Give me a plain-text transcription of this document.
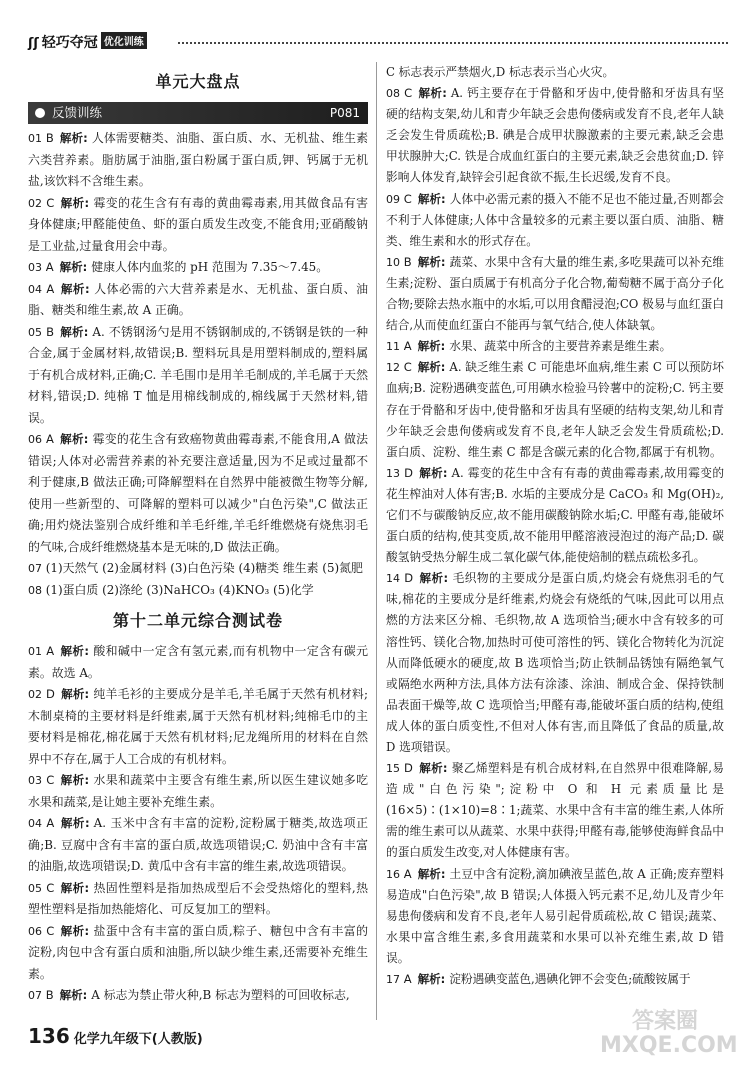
ʃʃ 轻巧夺冠 优化训练
单元大盘点
反馈训练	P081

01 B 解析: 人体需要糖类、油脂、蛋白质、水、无机盐、维生素六类营养素。脂肪属于油脂,蛋白粉属于蛋白质,钾、钙属于无机盐,该饮料不含维生素。

02 C 解析: 霉变的花生含有有毒的黄曲霉毒素,用其做食品有害身体健康;甲醛能使鱼、虾的蛋白质发生改变,不能食用;亚硝酸钠是工业盐,过量食用会中毒。

03 A 解析: 健康人体内血浆的 pH 范围为 7.35～7.45。

04 A 解析: 人体必需的六大营养素是水、无机盐、蛋白质、油脂、糖类和维生素,故 A 正确。

05 B 解析: A. 不锈钢汤勺是用不锈钢制成的,不锈钢是铁的一种合金,属于金属材料,故错误;B. 塑料玩具是用塑料制成的,塑料属于有机合成材料,正确;C. 羊毛围巾是用羊毛制成的,羊毛属于天然材料,错误;D. 纯棉 T 恤是用棉线制成的,棉线属于天然材料,错误。

06 A 解析: 霉变的花生含有致癌物黄曲霉毒素,不能食用,A 做法错误;人体对必需营养素的补充要注意适量,因为不足或过量都不利于健康,B 做法正确;可降解塑料在自然界中能被微生物等分解,使用一些新型的、可降解的塑料可以减少"白色污染",C 做法正确;用灼烧法鉴别合成纤维和羊毛纤维,羊毛纤维燃烧有烧焦羽毛的气味,合成纤维燃烧基本是无味的,D 做法正确。

07 (1)天然气 (2)金属材料 (3)白色污染 (4)糖类 维生素 (5)氮肥

08 (1)蛋白质 (2)涤纶 (3)NaHCO₃ (4)KNO₃ (5)化学

第十二单元综合测试卷

01 A 解析: 酸和碱中一定含有氢元素,而有机物中一定含有碳元素。故选 A。

02 D 解析: 纯羊毛衫的主要成分是羊毛,羊毛属于天然有机材料;木制桌椅的主要材料是纤维素,属于天然有机材料;纯棉毛巾的主要材料是棉花,棉花属于天然有机材料;尼龙绳所用的材料在自然界中不存在,属于人工合成的有机材料。

03 C 解析: 水果和蔬菜中主要含有维生素,所以医生建议她多吃水果和蔬菜,是让她主要补充维生素。

04 A 解析: A. 玉米中含有丰富的淀粉,淀粉属于糖类,故选项正确;B. 豆腐中含有丰富的蛋白质,故选项错误;C. 奶油中含有丰富的油脂,故选项错误;D. 黄瓜中含有丰富的维生素,故选项错误。

05 C 解析: 热固性塑料是指加热成型后不会受热熔化的塑料,热塑性塑料是指加热能熔化、可反复加工的塑料。

06 C 解析: 盐蛋中含有丰富的蛋白质,粽子、糖包中含有丰富的淀粉,肉包中含有蛋白质和油脂,所以缺少维生素,还需要补充维生素。

07 B 解析: A 标志为禁止带火种,B 标志为塑料的可回收标志,

C 标志表示严禁烟火,D 标志表示当心火灾。

08 C 解析: A. 钙主要存在于骨骼和牙齿中,使骨骼和牙齿具有坚硬的结构支架,幼儿和青少年缺乏会患佝偻病或发育不良,老年人缺乏会发生骨质疏松;B. 碘是合成甲状腺激素的主要元素,缺乏会患甲状腺肿大;C. 铁是合成血红蛋白的主要元素,缺乏会患贫血;D. 锌影响人体发育,缺锌会引起食欲不振,生长迟缓,发育不良。

09 C 解析: 人体中必需元素的摄入不能不足也不能过量,否则都会不利于人体健康;人体中含量较多的元素主要以蛋白质、油脂、糖类、维生素和水的形式存在。

10 B 解析: 蔬菜、水果中含有大量的维生素,多吃果蔬可以补充维生素;淀粉、蛋白质属于有机高分子化合物,葡萄糖不属于高分子化合物;要除去热水瓶中的水垢,可以用食醋浸泡;CO 极易与血红蛋白结合,从而使血红蛋白不能再与氧气结合,使人体缺氧。

11 A 解析: 水果、蔬菜中所含的主要营养素是维生素。

12 C 解析: A. 缺乏维生素 C 可能患坏血病,维生素 C 可以预防坏血病;B. 淀粉遇碘变蓝色,可用碘水检验马铃薯中的淀粉;C. 钙主要存在于骨骼和牙齿中,使骨骼和牙齿具有坚硬的结构支架,幼儿和青少年缺乏会患佝偻病或发育不良,老年人缺乏会发生骨质疏松;D. 蛋白质、淀粉、维生素 C 都是含碳元素的化合物,都属于有机物。

13 D 解析: A. 霉变的花生中含有有毒的黄曲霉毒素,故用霉变的花生榨油对人体有害;B. 水垢的主要成分是 CaCO₃ 和 Mg(OH)₂,它们不与碳酸钠反应,故不能用碳酸钠除水垢;C. 甲醛有毒,能破坏蛋白质的结构,使其变质,故不能用甲醛溶液浸泡过的海产品;D. 碳酸氢钠受热分解生成二氧化碳气体,能使焙制的糕点疏松多孔。

14 D 解析: 毛织物的主要成分是蛋白质,灼烧会有烧焦羽毛的气味,棉花的主要成分是纤维素,灼烧会有烧纸的气味,因此可以用点燃的方法来区分棉、毛织物,故 A 选项恰当;硬水中含有较多的可溶性钙、镁化合物,加热时可使可溶性的钙、镁化合物转化为沉淀从而降低硬水的硬度,故 B 选项恰当;防止铁制品锈蚀有隔绝氧气或隔绝水两种方法,具体方法有涂漆、涂油、制成合金、保持铁制品表面干燥等,故 C 选项恰当;甲醛有毒,能破坏蛋白质的结构,使组成人体的蛋白质变性,不但对人体有害,而且降低了食品的质量,故 D 选项错误。

15 D 解析: 聚乙烯塑料是有机合成材料,在自然界中很难降解,易造成"白色污染";淀粉中 O 和 H 元素质量比是(16×5)∶(1×10)=8∶1;蔬菜、水果中含有丰富的维生素,人体所需的维生素可以从蔬菜、水果中获得;甲醛有毒,能够使海鲜食品中的蛋白质发生改变,对人体健康有害。

16 A 解析: 土豆中含有淀粉,滴加碘液呈蓝色,故 A 正确;废弃塑料易造成"白色污染",故 B 错误;人体摄入钙元素不足,幼儿及青少年易患佝偻病和发育不良,老年人易引起骨质疏松,故 C 错误;蔬菜、水果中富含维生素,多食用蔬菜和水果可以补充维生素,故 D 错误。

17 A 解析: 淀粉遇碘变蓝色,遇碘化钾不会变色;硫酸铵属于

136 化学九年级下(人教版)
答案圈
MXQE.COM
